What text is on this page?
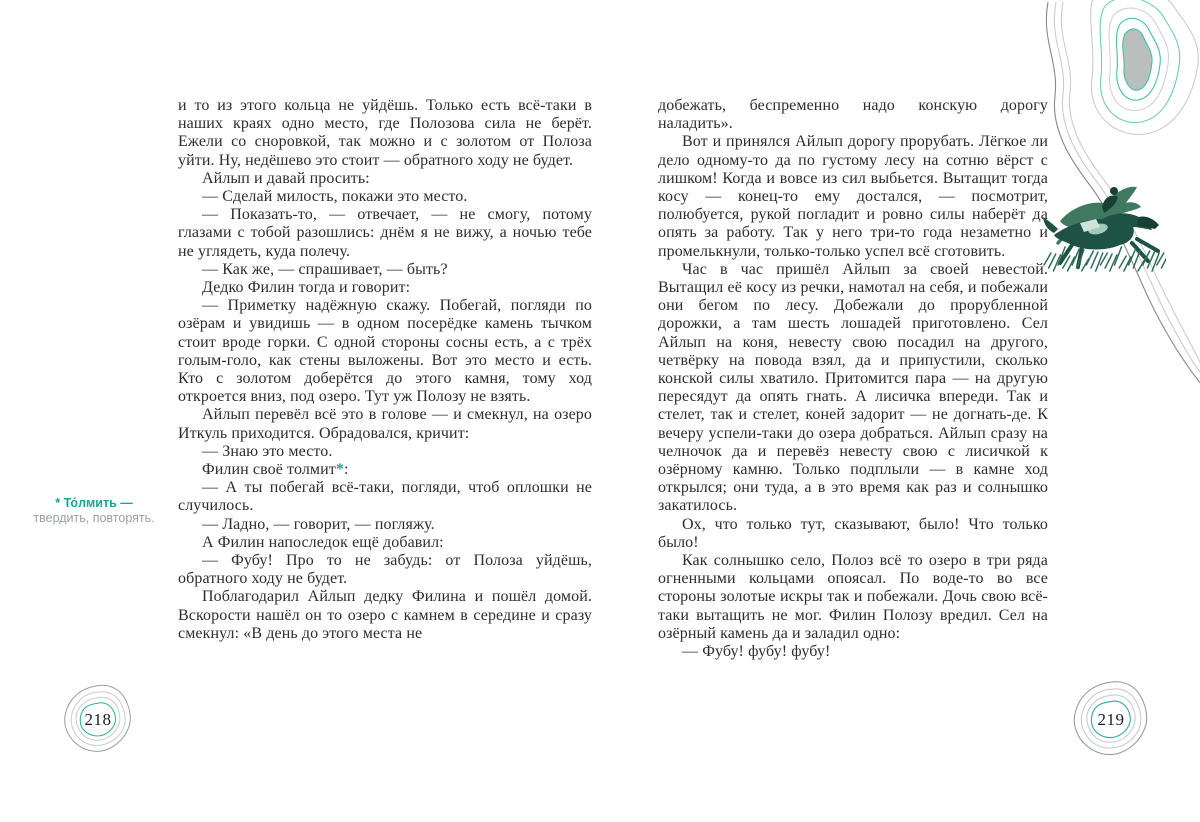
* То́лмить —
твердить, повторять.

и то из этого кольца не уйдёшь. Только есть всё-таки в наших краях одно место, где Полозова сила не берёт. Ежели со сноровкой, так можно и с золотом от Полоза уйти. Ну, недёшево это стоит — обратного ходу не будет.

Айлып и давай просить:

— Сделай милость, покажи это место.

— Показать-то, — отвечает, — не смогу, потому глазами с тобой разошлись: днём я не вижу, а ночью тебе не углядеть, куда полечу.

— Как же, — спрашивает, — быть?

Дедко Филин тогда и говорит:

— Приметку надёжную скажу. Побегай, погляди по озёрам и увидишь — в одном посерёдке камень тычком стоит вроде горки. С одной стороны сосны есть, а с трёх голым-голо, как стены выложены. Вот это место и есть. Кто с золотом доберётся до этого камня, тому ход откроется вниз, под озеро. Тут уж Полозу не взять.

Айлып перевёл всё это в голове — и смекнул, на озеро Иткуль приходится. Обрадовался, кричит:

— Знаю это место.

Филин своё толмит*:

— А ты побегай всё-таки, погляди, чтоб оплошки не случилось.

— Ладно, — говорит, — погляжу.

А Филин напоследок ещё добавил:

— Фубу! Про то не забудь: от Полоза уйдёшь, обратного ходу не будет.

Поблагодарил Айлып дедку Филина и пошёл домой. Вскорости нашёл он то озеро с камнем в середине и сразу смекнул: «В день до этого места не

добежать, беспременно надо конскую дорогу наладить».

Вот и принялся Айлып дорогу прорубать. Лёгкое ли дело одному-то да по густому лесу на сотню вёрст с лишком! Когда и вовсе из сил выбьется. Вытащит тогда косу — конец-то ему достался, — посмотрит, полюбуется, рукой погладит и ровно силы наберёт да опять за работу. Так у него три-то года незаметно и промелькнули, только-только успел всё сготовить.

Час в час пришёл Айлып за своей невестой. Вытащил её косу из речки, намотал на себя, и побежали они бегом по лесу. Добежали до прорубленной дорожки, а там шесть лошадей приготовлено. Сел Айлып на коня, невесту свою посадил на другого, четвёрку на повода взял, да и припустили, сколько конской силы хватило. Притомится пара — на другую пересядут да опять гнать. А лисичка впереди. Так и стелет, так и стелет, коней задорит — не догнать-де. К вечеру успели-таки до озера добраться. Айлып сразу на челночок да и перевёз невесту свою с лисичкой к озёрному камню. Только подплыли — в камне ход открылся; они туда, а в это время как раз и солнышко закатилось.

Ох, что только тут, сказывают, было! Что только было!

Как солнышко село, Полоз всё то озеро в три ряда огненными кольцами опоясал. По воде-то во все стороны золотые искры так и побежали. Дочь свою всё-таки вытащить не мог. Филин Полозу вредил. Сел на озёрный камень да и заладил одно:

— Фубу! фубу! фубу!

218	219
